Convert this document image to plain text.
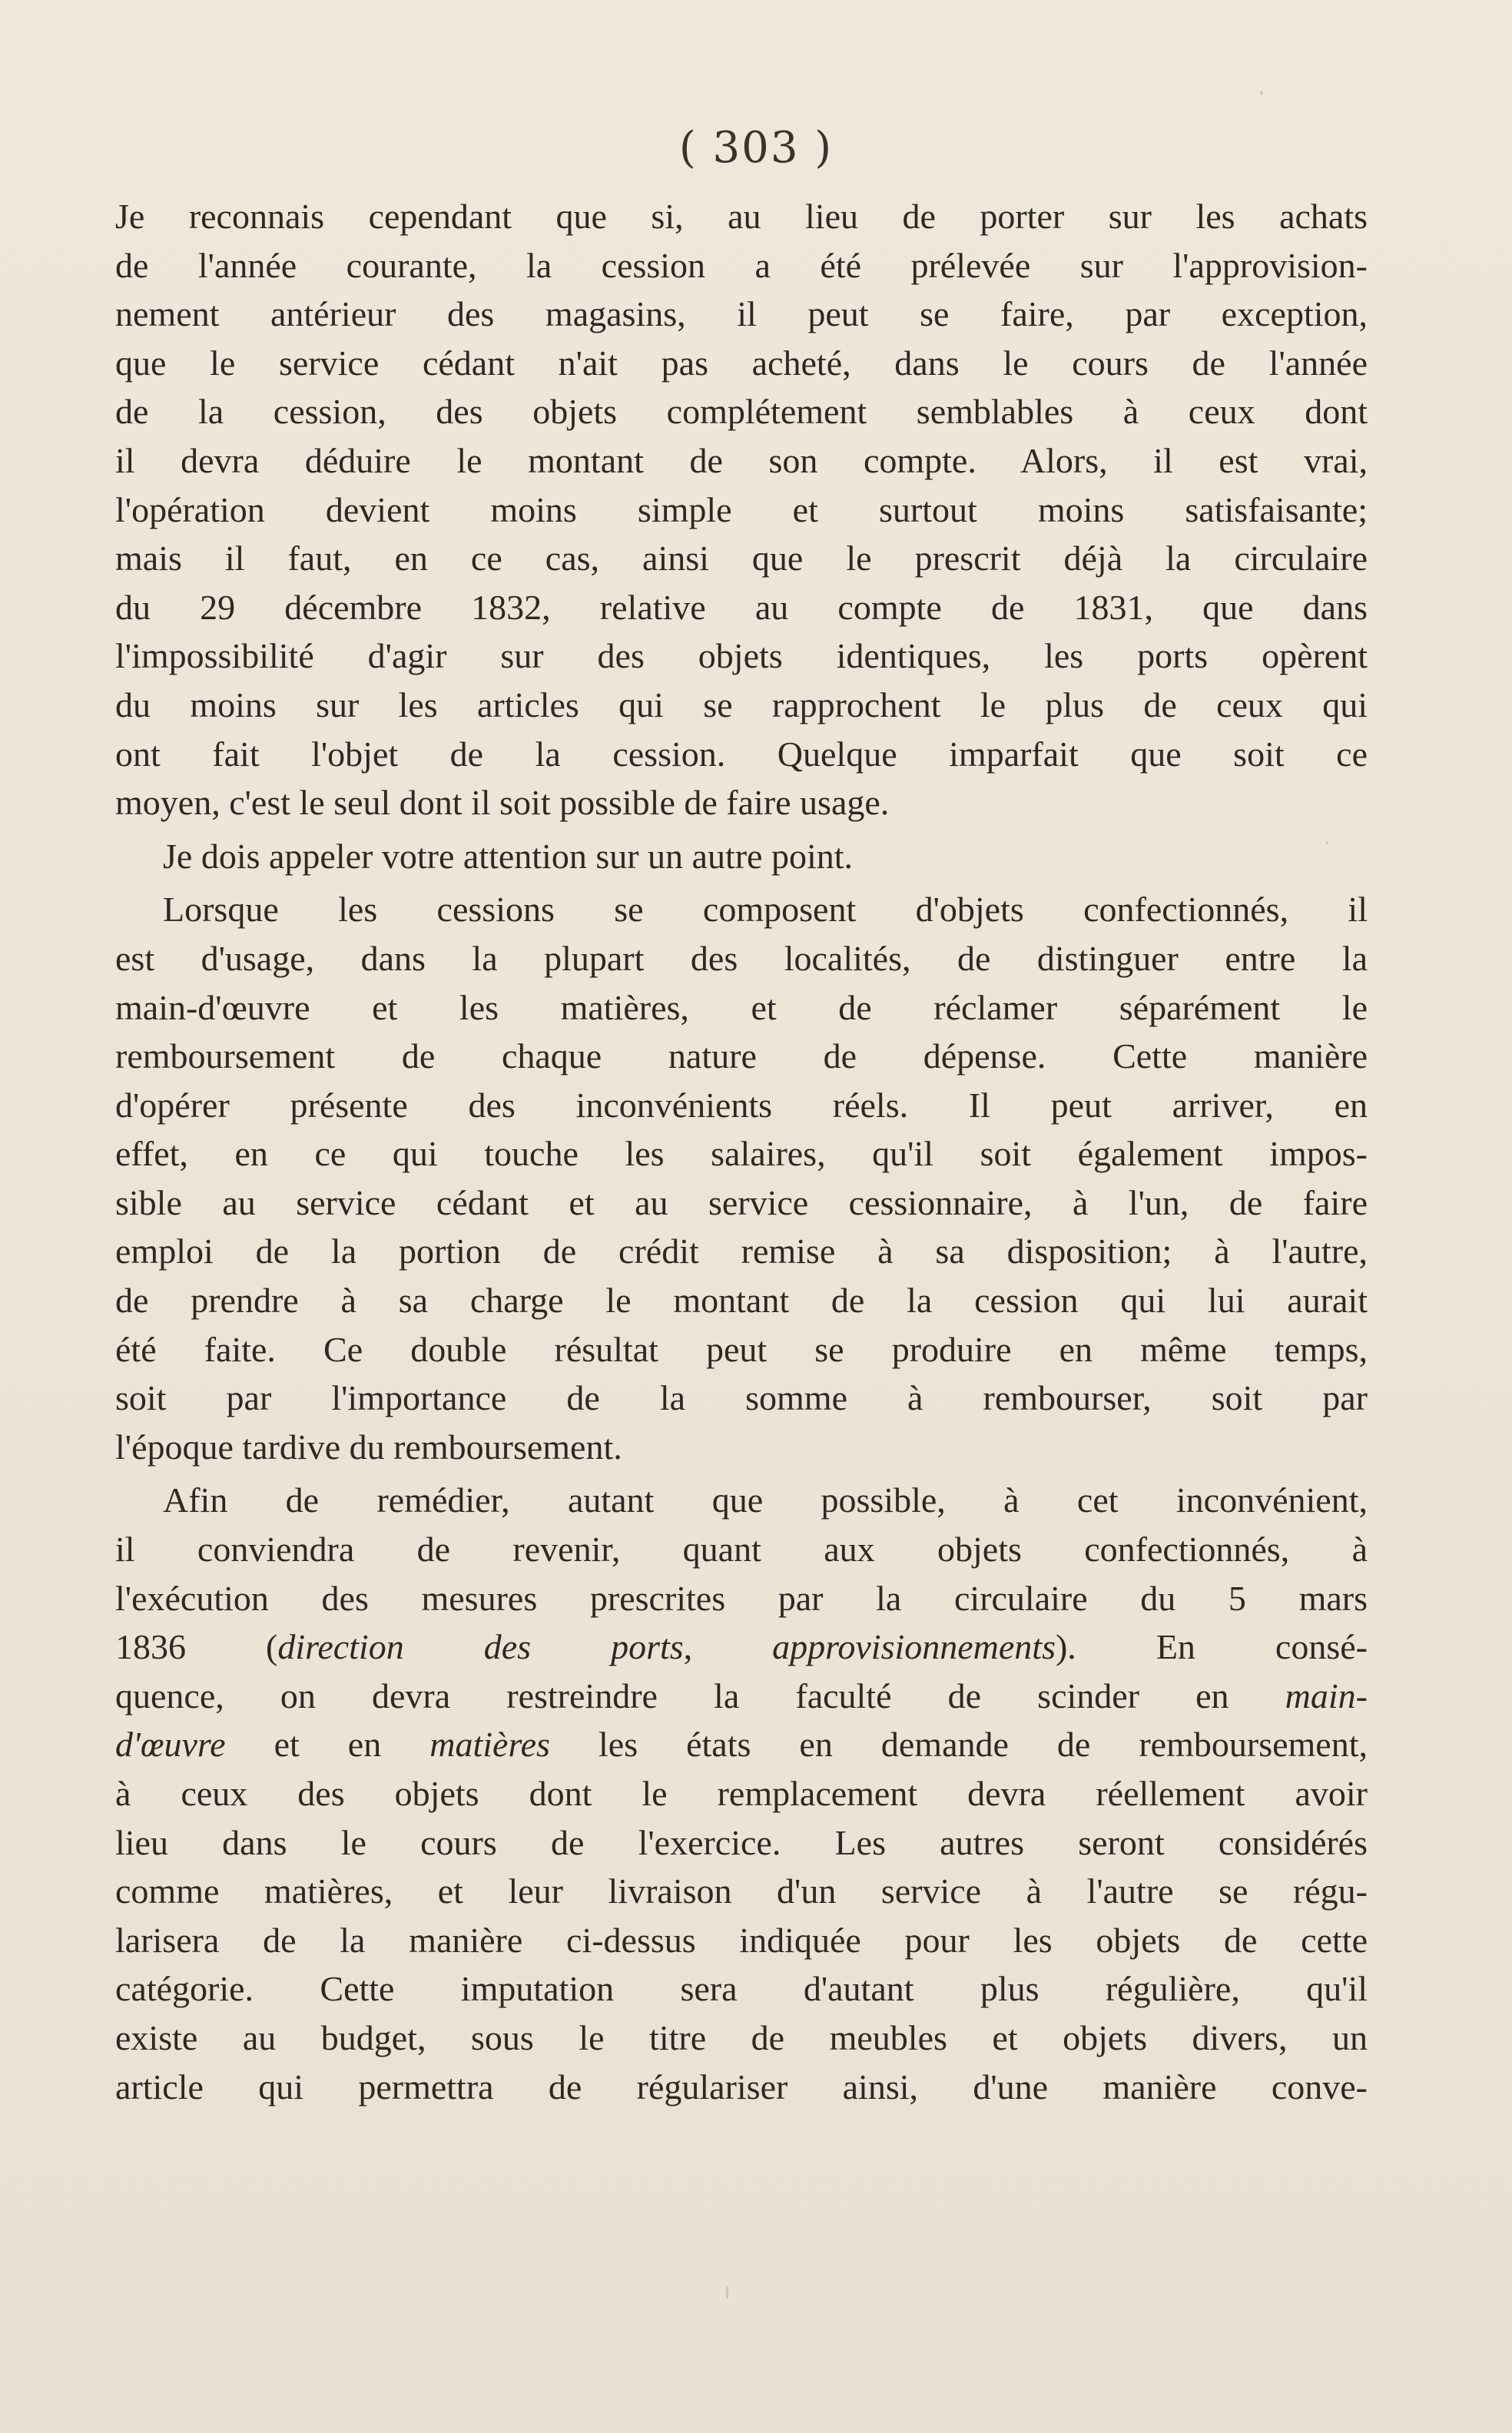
( 303 )
Je reconnais cependant que si, au lieu de porter sur les achats
de l'année courante, la cession a été prélevée sur l'approvision-
nement antérieur des magasins, il peut se faire, par exception,
que le service cédant n'ait pas acheté, dans le cours de l'année
de la cession, des objets complétement semblables à ceux dont
il devra déduire le montant de son compte. Alors, il est vrai,
l'opération devient moins simple et surtout moins satisfaisante;
mais il faut, en ce cas, ainsi que le prescrit déjà la circulaire
du 29 décembre 1832, relative au compte de 1831, que dans
l'impossibilité d'agir sur des objets identiques, les ports opèrent
du moins sur les articles qui se rapprochent le plus de ceux qui
ont fait l'objet de la cession. Quelque imparfait que soit ce
moyen, c'est le seul dont il soit possible de faire usage.
Je dois appeler votre attention sur un autre point.
Lorsque les cessions se composent d'objets confectionnés, il
est d'usage, dans la plupart des localités, de distinguer entre la
main-d'œuvre et les matières, et de réclamer séparément le
remboursement de chaque nature de dépense. Cette manière
d'opérer présente des inconvénients réels. Il peut arriver, en
effet, en ce qui touche les salaires, qu'il soit également impos-
sible au service cédant et au service cessionnaire, à l'un, de faire
emploi de la portion de crédit remise à sa disposition; à l'autre,
de prendre à sa charge le montant de la cession qui lui aurait
été faite. Ce double résultat peut se produire en même temps,
soit par l'importance de la somme à rembourser, soit par
l'époque tardive du remboursement.
Afin de remédier, autant que possible, à cet inconvénient,
il conviendra de revenir, quant aux objets confectionnés, à
l'exécution des mesures prescrites par la circulaire du 5 mars
1836 (direction des ports, approvisionnements). En consé-
quence, on devra restreindre la faculté de scinder en main-
d'œuvre et en matières les états en demande de remboursement,
à ceux des objets dont le remplacement devra réellement avoir
lieu dans le cours de l'exercice. Les autres seront considérés
comme matières, et leur livraison d'un service à l'autre se régu-
larisera de la manière ci-dessus indiquée pour les objets de cette
catégorie. Cette imputation sera d'autant plus régulière, qu'il
existe au budget, sous le titre de meubles et objets divers, un
article qui permettra de régulariser ainsi, d'une manière conve-
